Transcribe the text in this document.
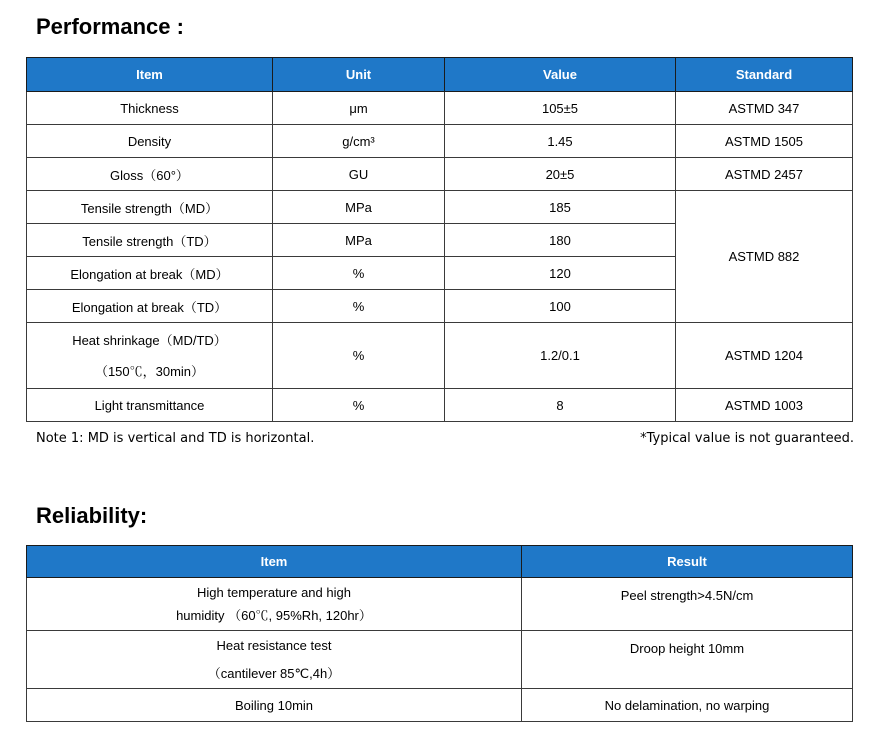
Performance :
Item	Unit	Value	Standard
Thickness	μm	105±5	ASTMD 347
Density	g/cm³	1.45	ASTMD 1505
Gloss（60°）	GU	20±5	ASTMD 2457
Tensile strength（MD）	MPa	185	ASTMD 882
Tensile strength（TD）	MPa	180	
Elongation at break（MD）	%	120	
Elongation at break（TD）	%	100	

Heat shrinkage（MD/TD）
（150℃，30min）	%	1.2/0.1	ASTMD 1204
Light transmittance	%	8	ASTMD 1003
Note 1: MD is vertical and TD is horizontal.	*Typical value is not guaranteed.
Reliability:
Item	Result

High temperature and high
humidity （60℃, 95%Rh, 120hr）	Peel strength>4.5N/cm

Heat resistance test
（cantilever 85℃,4h）	Droop height 10mm
Boiling 10min	No delamination, no warping
